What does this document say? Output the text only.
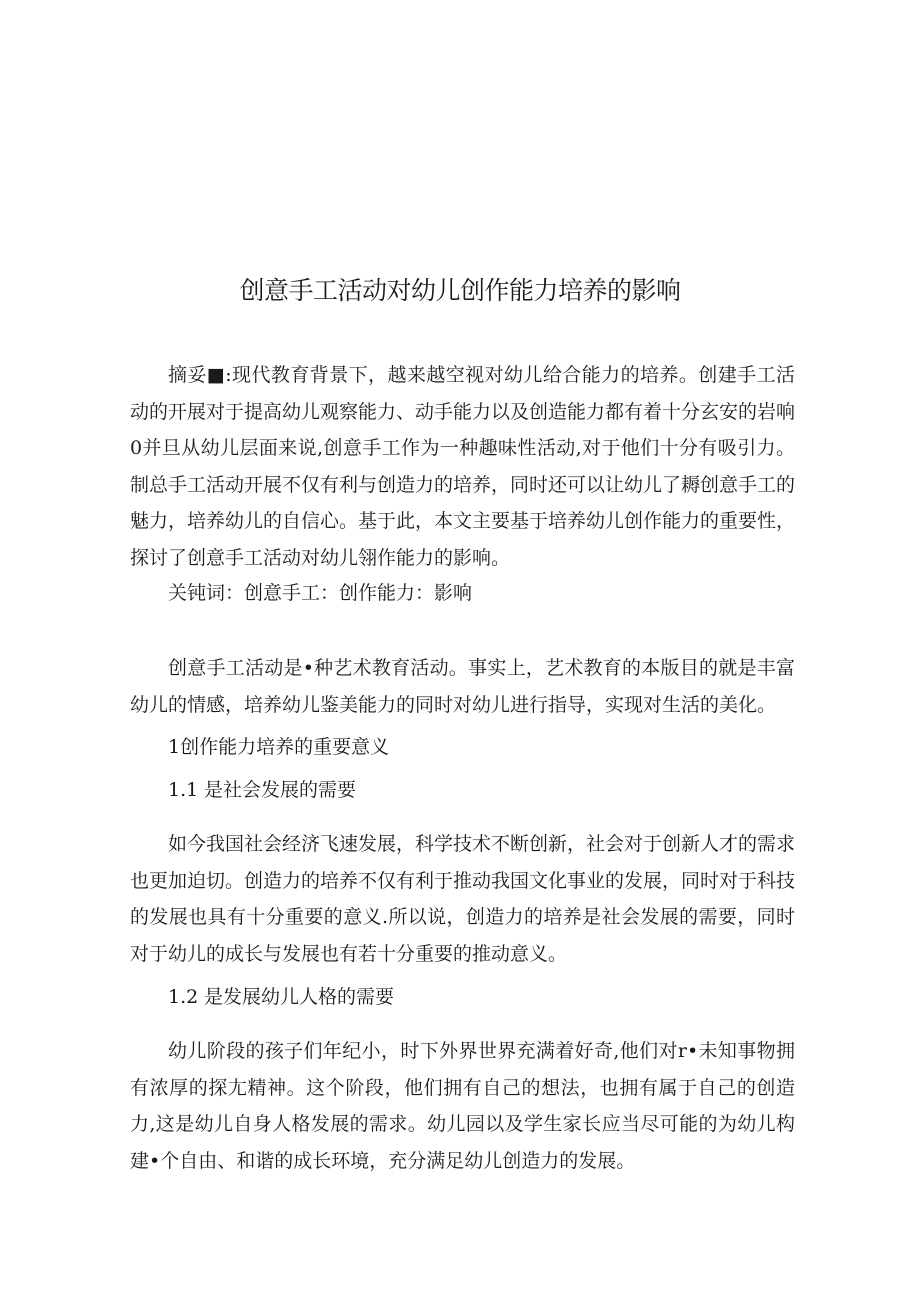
创意手工活动对幼儿创作能力培养的影响

摘妥■:现代教育背景下，越来越空视对幼儿给合能力的培养。创建手工活动的开展对于提高幼儿观察能力、动手能力以及创造能力都有着十分玄安的岩响0并旦从幼儿层面来说,创意手工作为一种趣味性活动,对于他们十分有吸引力。制总手工活动开展不仅有利与创造力的培养，同时还可以让幼儿了耨创意手工的魅力，培养幼儿的自信心。基于此，本文主要基于培养幼儿创作能力的重要性，探讨了创意手工活动对幼儿翎作能力的影响。

关钝词：创意手工：创作能力：影响

创意手工活动是•种艺术教育活动。事实上，艺术教育的本版目的就是丰富幼儿的情感，培养幼儿鉴美能力的同时对幼儿进行指导，实现对生活的美化。

1创作能力培养的重要意义
1.1 是社会发展的需要

如今我国社会经济飞速发展，科学技术不断创新，社会对于创新人才的需求也更加迫切。创造力的培养不仅有利于推动我国文化事业的发展，同时对于科技的发展也具有十分重要的意义.所以说，创造力的培养是社会发展的需要，同时对于幼儿的成长与发展也有若十分重要的推动意义。

1.2 是发展幼儿人格的需要

幼儿阶段的孩子们年纪小，时下外界世界充满着好奇,他们对r•未知事物拥有浓厚的探尢精神。这个阶段，他们拥有自己的想法，也拥有属于自己的创造力,这是幼儿自身人格发展的需求。幼儿园以及学生家长应当尽可能的为幼儿构建•个自由、和谐的成长环境，充分满足幼儿创造力的发展。
